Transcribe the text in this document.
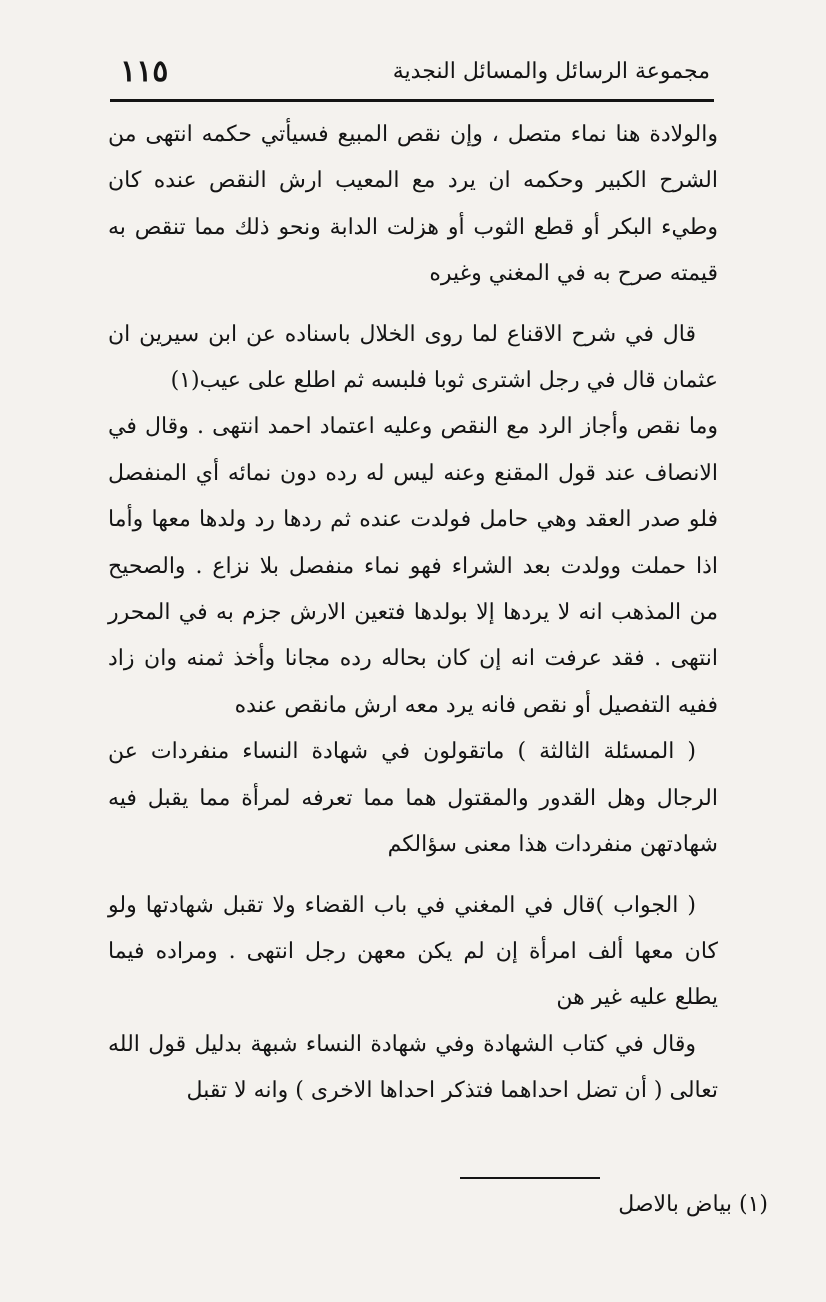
مجموعة الرسائل والمسائل النجدية
١١٥

والولادة هنا نماء متصل ، وإن نقص المبيع فسيأتي حكمه انتهى من الشرح الكبير وحكمه ان يرد مع المعيب ارش النقص عنده كان وطيء البكر أو قطع الثوب أو هزلت الدابة ونحو ذلك مما تنقص به قيمته صرح به في المغني وغيره

قال في شرح الاقناع لما روى الخلال باسناده عن ابن سيرين ان عثمان قال في رجل اشترى ثوبا فلبسه ثم اطلع على عيب(١)

وما نقص وأجاز الرد مع النقص وعليه اعتماد احمد انتهى . وقال في الانصاف عند قول المقنع وعنه ليس له رده دون نمائه أي المنفصل فلو صدر العقد وهي حامل فولدت عنده ثم ردها رد ولدها معها وأما اذا حملت وولدت بعد الشراء فهو نماء منفصل بلا نزاع . والصحيح من المذهب انه لا يردها إلا بولدها فتعين الارش جزم به في المحرر انتهى . فقد عرفت انه إن كان بحاله رده مجانا وأخذ ثمنه وان زاد ففيه التفصيل أو نقص فانه يرد معه ارش مانقص عنده

( المسئلة الثالثة ) ماتقولون في شهادة النساء منفردات عن الرجال وهل القدور والمقتول هما مما تعرفه لمرأة مما يقبل فيه شهادتهن منفردات هذا معنى سؤالكم

( الجواب )قال في المغني في باب القضاء ولا تقبل شهادتها ولو كان معها ألف امرأة إن لم يكن معهن رجل انتهى . ومراده فيما يطلع عليه غير هن

وقال في كتاب الشهادة وفي شهادة النساء شبهة بدليل قول الله تعالى ( أن تضل احداهما فتذكر احداها الاخرى ) وانه لا تقبل

(١) بياض بالاصل
